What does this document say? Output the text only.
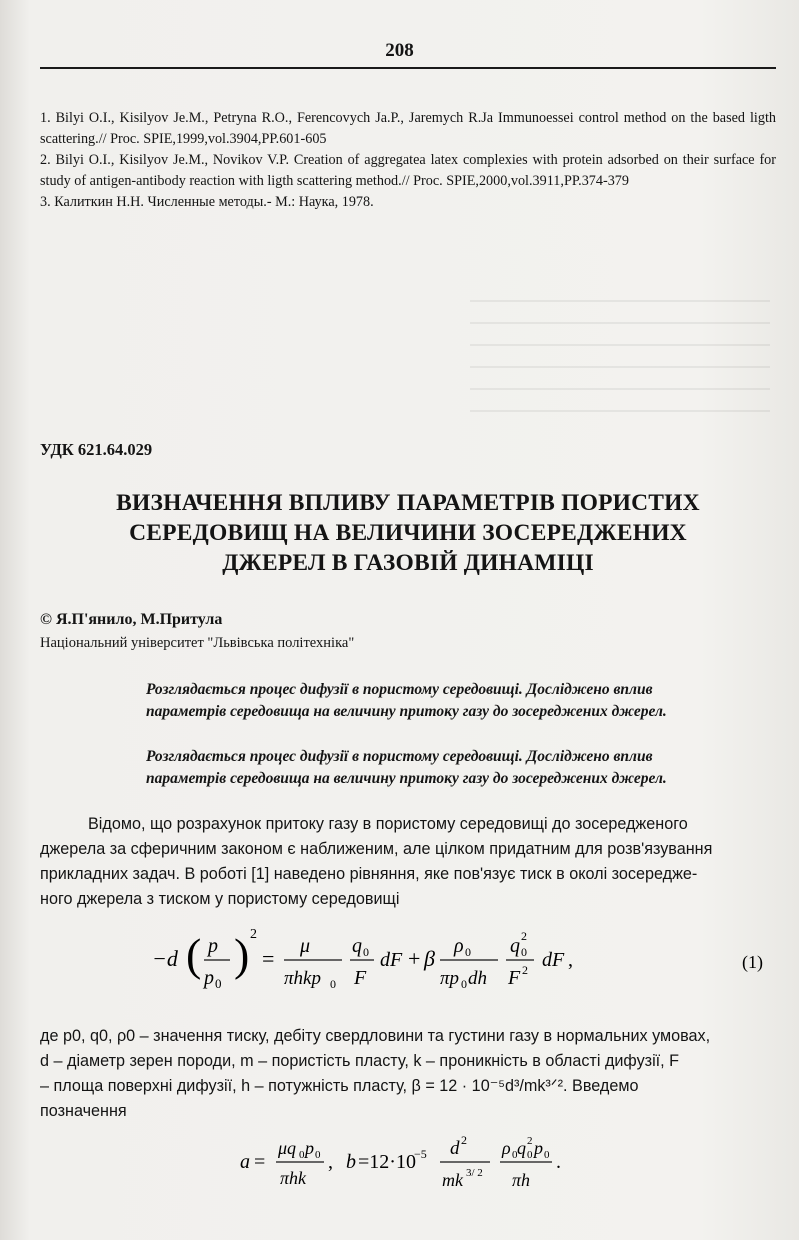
208

1. Bilyi O.I., Kisilyov Je.M., Petryna R.O., Ferencovych Ja.P., Jaremych R.Ja Immunoessei control method on the based ligth scattering.// Proc. SPIE,1999,vol.3904,PP.601-605

2. Bilyi O.I., Kisilyov Je.M., Novikov V.P. Creation of aggregatea latex complexies with protein adsorbed on their surface for study of antigen-antibody reaction with ligth scattering method.// Proc. SPIE,2000,vol.3911,PP.374-379

3. Калиткин Н.Н. Численные методы.- М.: Наука, 1978.

УДК 621.64.029
ВИЗНАЧЕННЯ ВПЛИВУ ПАРАМЕТРІВ ПОРИСТИХ
СЕРЕДОВИЩ НА ВЕЛИЧИНИ ЗОСЕРЕДЖЕНИХ
ДЖЕРЕЛ В ГАЗОВІЙ ДИНАМІЦІ
© Я.П'янило, М.Притула
Національний університет "Львівська політехніка"
Розглядається процес дифузії в пористому середовищі. Досліджено вплив
параметрів середовища на величину притоку газу до зосереджених джерел.
Розглядається процес дифузії в пористому середовищі. Досліджено вплив
параметрів середовища на величину притоку газу до зосереджених джерел.
Відомо, що розрахунок притоку газу в пористому середовищі до зосередженого
джерела за сферичним законом є наближеним, але цілком придатним для розв'язування
прикладних задач. В роботі [1] наведено рівняння, яке пов'язує тиск в околі зосередже-
ного джерела з тиском у пористому середовищі
−d ( p
p 0
) 2
= μ
πhkp 0
q 0
F
dF + β ρ 0
πp 0 dh
q 0
2
F 2 dF ,	(1)
де p0, q0, ρ0 – значення тиску, дебіту свердловини та густини газу в нормальних умовах,
d – діаметр зерен породи, m – пористість пласту, k – проникність в області дифузії, F
– площа поверхні дифузії, h – потужність пласту, β = 12 · 10⁻⁵d³/mk³ᐟ². Введемо
позначення
a =
μq 0 p 0
πhk
, b =12·10
−5 d 2
mk 3/ 2
ρ 0 q 0
2 p 0
πh
.
